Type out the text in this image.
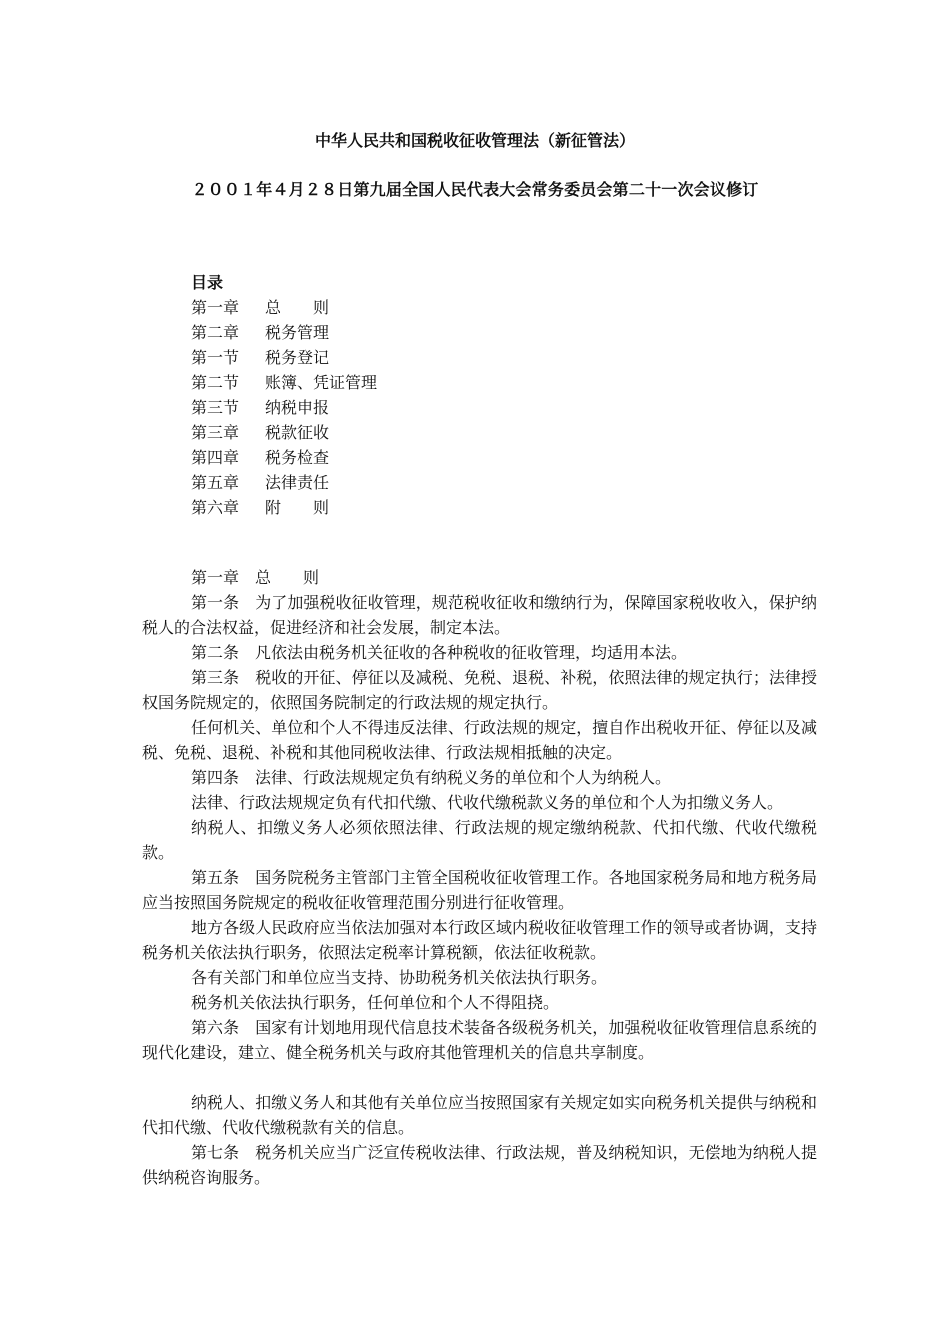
中华人民共和国税收征收管理法（新征管法）
２００１年４月２８日第九届全国人民代表大会常务委员会第二十一次会议修订
目录
第一章 总　　则
第二章 税务管理
第一节 税务登记
第二节 账簿、凭证管理
第三节 纳税申报
第三章 税款征收
第四章 税务检查
第五章 法律责任
第六章 附　　则

第一章　总　　则

第一条　为了加强税收征收管理，规范税收征收和缴纳行为，保障国家税收收入，保护纳税人的合法权益，促进经济和社会发展，制定本法。

第二条　凡依法由税务机关征收的各种税收的征收管理，均适用本法。

第三条　税收的开征、停征以及减税、免税、退税、补税，依照法律的规定执行；法律授权国务院规定的，依照国务院制定的行政法规的规定执行。

任何机关、单位和个人不得违反法律、行政法规的规定，擅自作出税收开征、停征以及减税、免税、退税、补税和其他同税收法律、行政法规相抵触的决定。

第四条　法律、行政法规规定负有纳税义务的单位和个人为纳税人。

法律、行政法规规定负有代扣代缴、代收代缴税款义务的单位和个人为扣缴义务人。

纳税人、扣缴义务人必须依照法律、行政法规的规定缴纳税款、代扣代缴、代收代缴税款。

第五条　国务院税务主管部门主管全国税收征收管理工作。各地国家税务局和地方税务局应当按照国务院规定的税收征收管理范围分别进行征收管理。

地方各级人民政府应当依法加强对本行政区域内税收征收管理工作的领导或者协调，支持税务机关依法执行职务，依照法定税率计算税额，依法征收税款。

各有关部门和单位应当支持、协助税务机关依法执行职务。

税务机关依法执行职务，任何单位和个人不得阻挠。

第六条　国家有计划地用现代信息技术装备各级税务机关，加强税收征收管理信息系统的现代化建设，建立、健全税务机关与政府其他管理机关的信息共享制度。

纳税人、扣缴义务人和其他有关单位应当按照国家有关规定如实向税务机关提供与纳税和代扣代缴、代收代缴税款有关的信息。

第七条　税务机关应当广泛宣传税收法律、行政法规，普及纳税知识，无偿地为纳税人提供纳税咨询服务。
